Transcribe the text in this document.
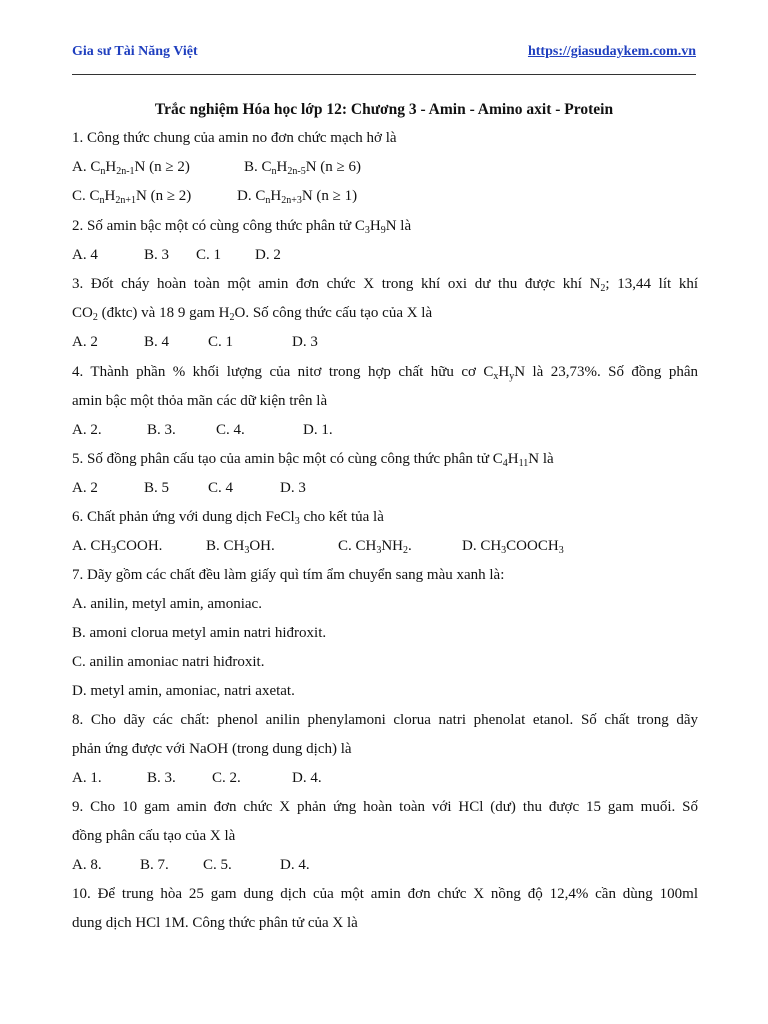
Gia sư Tài Năng Việt	https://giasudaykem.com.vn
Trắc nghiệm Hóa học lớp 12: Chương 3 - Amin - Amino axit - Protein
1. Công thức chung của amin no đơn chức mạch hở là
A. $C_nH_{2n-1}N$ (n ≥ 2)	B. $C_nH_{2n-5}N$ (n ≥ 6)
C. $C_nH_{2n+1}N$ (n ≥ 2)	D. $C_nH_{2n+3}N$ (n ≥ 1)
2. Số amin bậc một có cùng công thức phân tử $C_3H_9N$ là
A. 4	B. 3 C. 1 D. 2
3. Đốt cháy hoàn toàn một amin đơn chức X trong khí oxi dư thu được khí $N_2$; 13,44 lít khí
$CO_2$ (đktc) và 18 9 gam $H_2O$. Số công thức cấu tạo của X là
A. 2	B. 4	C. 1	D. 3
4. Thành phần % khối lượng của nitơ trong hợp chất hữu cơ $C_xH_yN$ là 23,73%. Số đồng phân
amin bậc một thỏa mãn các dữ kiện trên là
A. 2.	B. 3.	C. 4.	D. 1.
5. Số đồng phân cấu tạo của amin bậc một có cùng công thức phân tử $C_4H_{11}N$ là
A. 2	B. 5	C. 4	D. 3
6. Chất phản ứng với dung dịch FeCl$_3$ cho kết tủa là
A. $CH_3COOH$.	B. $CH_3OH$.	C. $CH_3NH_2$.	D. $CH_3COOCH_3$
7. Dãy gồm các chất đều làm giấy quì tím ẩm chuyển sang màu xanh là:
A. anilin, metyl amin, amoniac.
B. amoni clorua metyl amin natri hiđroxit.
C. anilin amoniac natri hiđroxit.
D. metyl amin, amoniac, natri axetat.
8. Cho dãy các chất: phenol anilin phenylamoni clorua natri phenolat etanol. Số chất trong dãy
phản ứng được với NaOH (trong dung dịch) là
A. 1.	B. 3. C. 2.	D. 4.
9. Cho 10 gam amin đơn chức X phản ứng hoàn toàn với HCl (dư) thu được 15 gam muối. Số
đồng phân cấu tạo của X là
A. 8.	B. 7. C. 5.	D. 4.
10. Để trung hòa 25 gam dung dịch của một amin đơn chức X nồng độ 12,4% cần dùng 100ml
dung dịch HCl 1M. Công thức phân tử của X là
